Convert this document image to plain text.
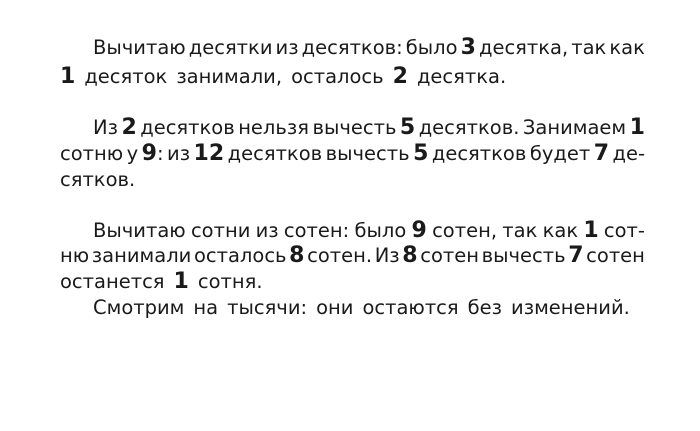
Вычитаю десятки из десятков: было 3 десятка, так как
1 десяток занимали, осталось 2 десятка.
Из 2 десятков нельзя вычесть 5 десятков. Занимаем 1
сотню у 9: из 12 десятков вычесть 5 десятков будет 7 де-
сятков.
Вычитаю сотни из сотен: было 9 сотен, так как 1 сот-
ню занимали осталось 8 сотен. Из 8 сотен вычесть 7 сотен
останется 1 сотня.
Смотрим на тысячи: они остаются без изменений.
